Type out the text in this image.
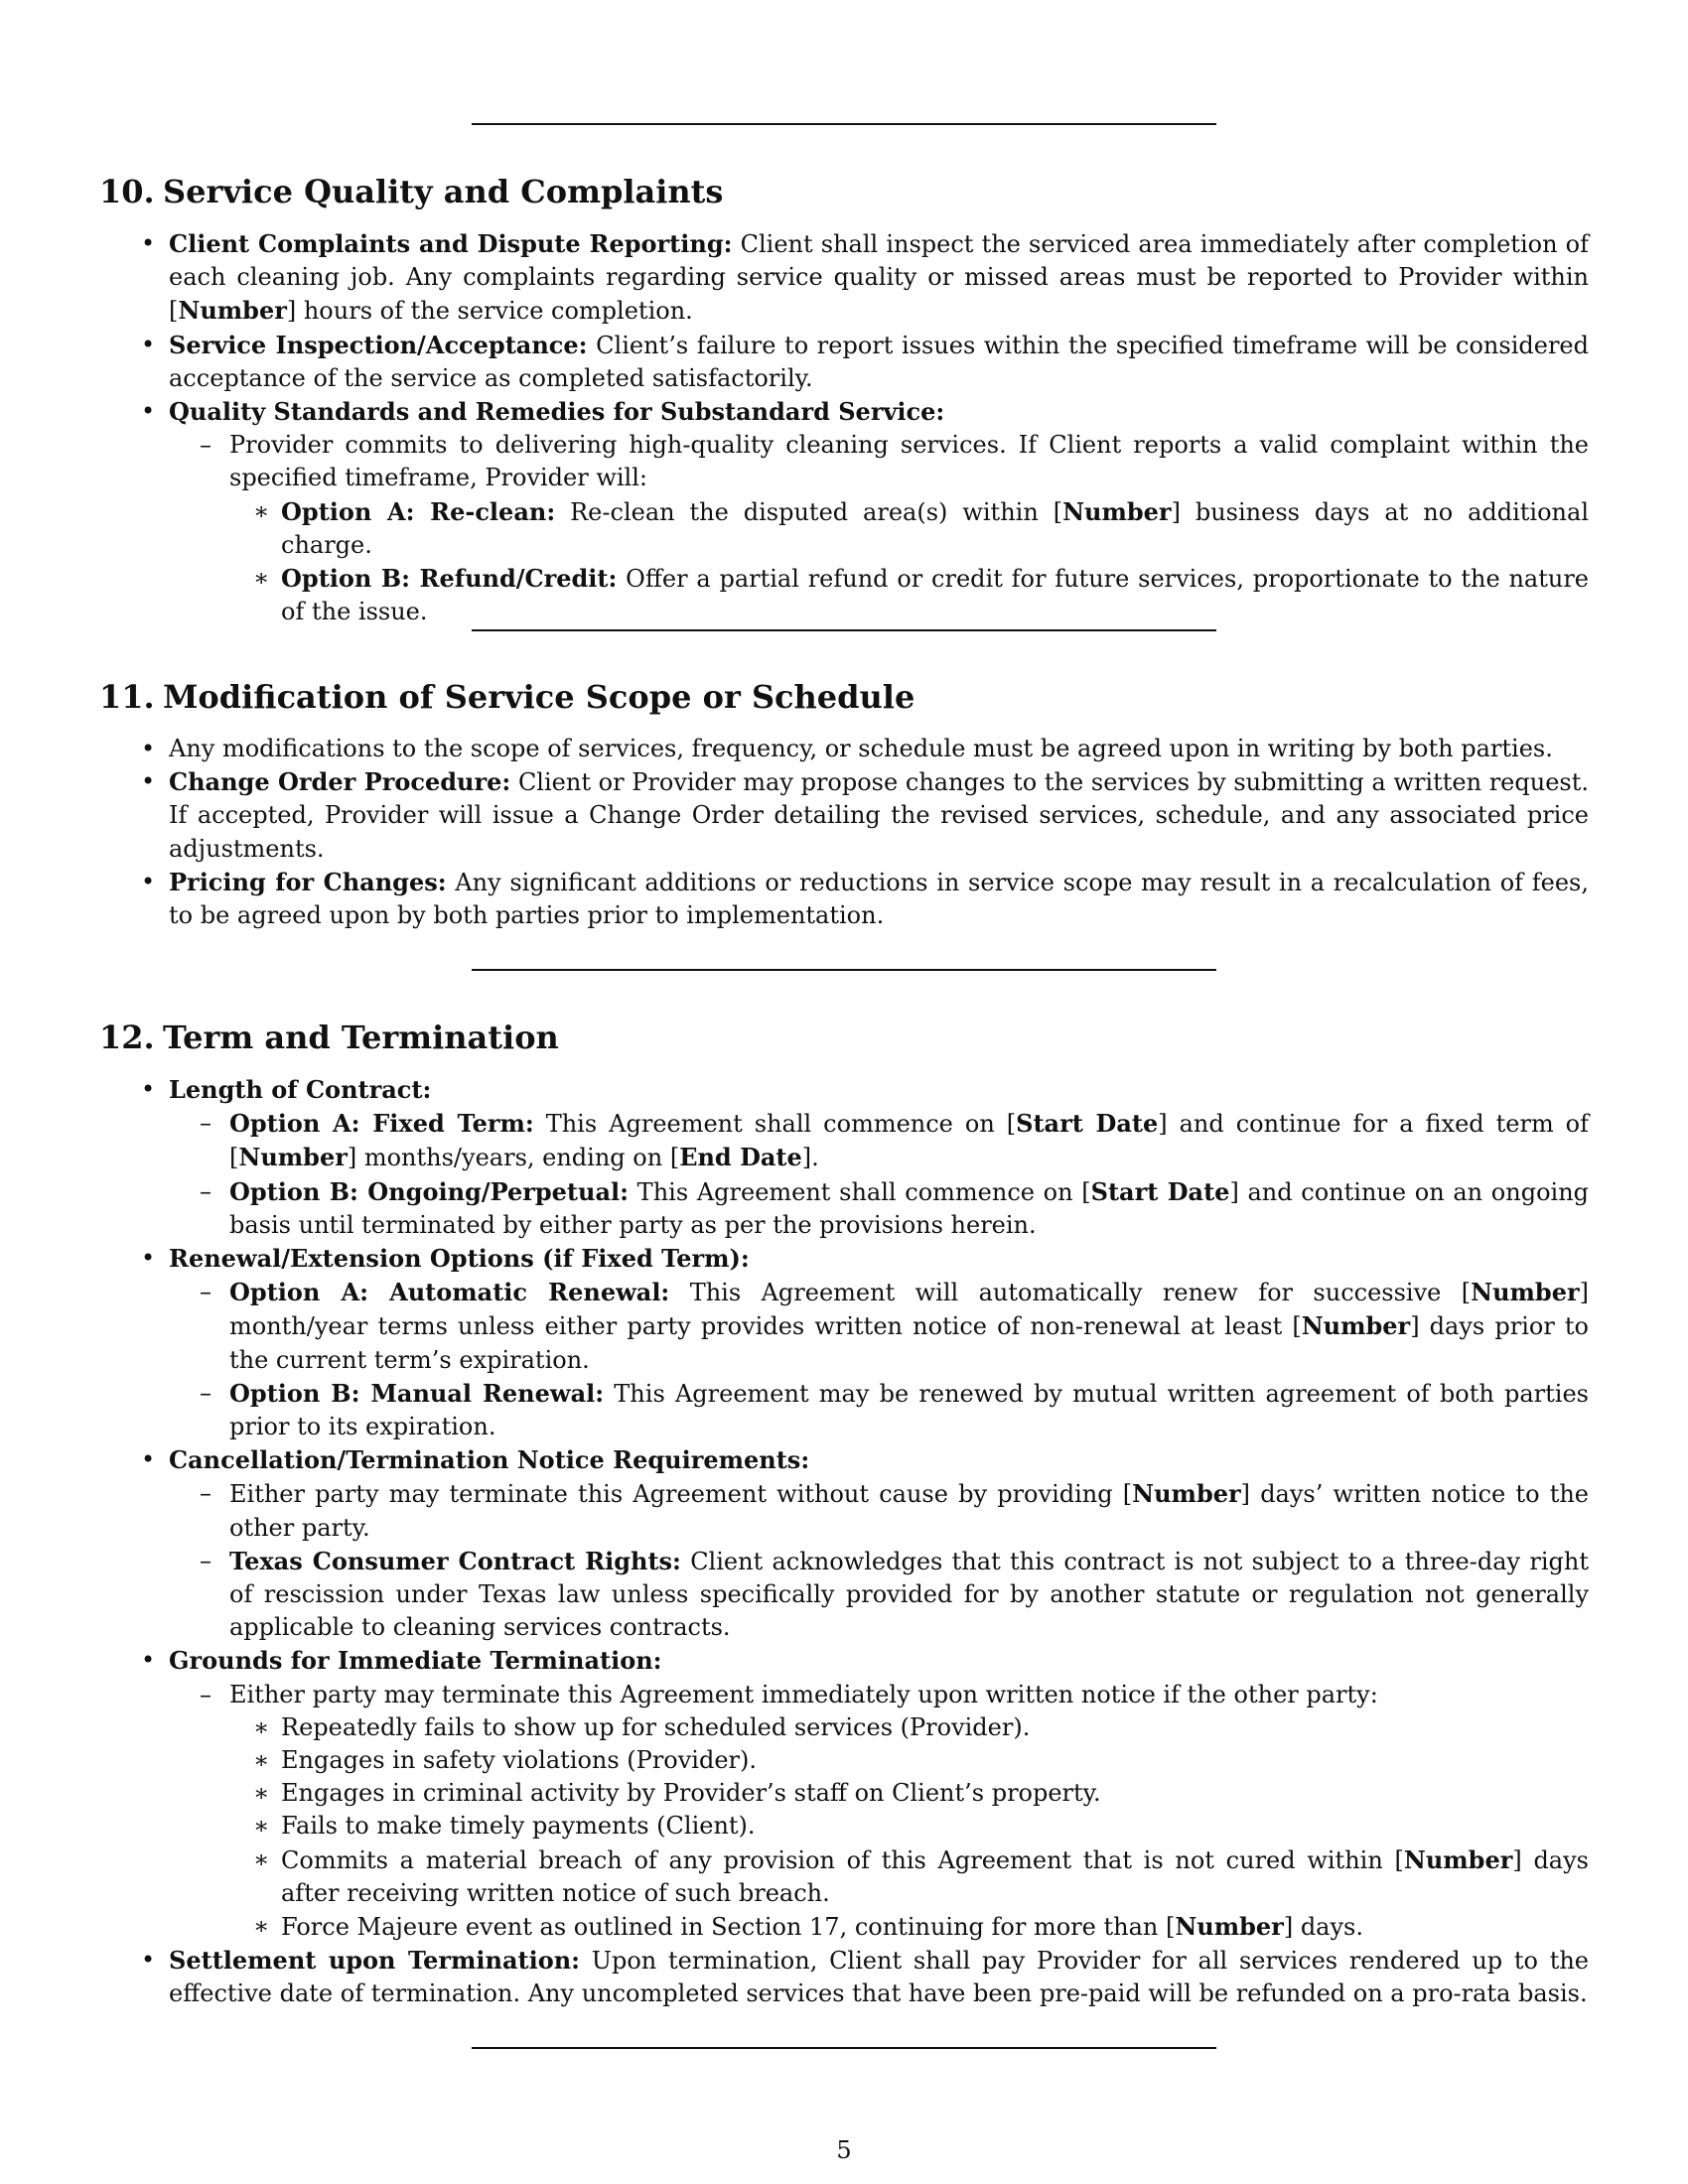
10. Service Quality and Complaints
• Client Complaints and Dispute Reporting: Client shall inspect the serviced area immediately after completion of each cleaning job. Any complaints regarding service quality or missed areas must be reported to Provider within [Number] hours of the service completion.
• Service Inspection/Acceptance: Client’s failure to report issues within the specified timeframe will be considered acceptance of the service as completed satisfactorily.
• Quality Standards and Remedies for Substandard Service:
– Provider commits to delivering high-quality cleaning services. If Client reports a valid complaint within the specified timeframe, Provider will:
∗ Option A: Re-clean: Re-clean the disputed area(s) within [Number] business days at no additional charge.
∗ Option B: Refund/Credit: Offer a partial refund or credit for future services, proportionate to the nature of the issue.
11. Modification of Service Scope or Schedule
• Any modifications to the scope of services, frequency, or schedule must be agreed upon in writing by both parties.
• Change Order Procedure: Client or Provider may propose changes to the services by submitting a written request. If accepted, Provider will issue a Change Order detailing the revised services, schedule, and any associated price adjustments.
• Pricing for Changes: Any significant additions or reductions in service scope may result in a recalculation of fees, to be agreed upon by both parties prior to implementation.
12. Term and Termination
• Length of Contract:
– Option A: Fixed Term: This Agreement shall commence on [Start Date] and continue for a fixed term of [Number] months/years, ending on [End Date].
– Option B: Ongoing/Perpetual: This Agreement shall commence on [Start Date] and continue on an ongoing basis until terminated by either party as per the provisions herein.
• Renewal/Extension Options (if Fixed Term):
– Option A: Automatic Renewal: This Agreement will automatically renew for successive [Number] month/year terms unless either party provides written notice of non-renewal at least [Number] days prior to the current term’s expiration.
– Option B: Manual Renewal: This Agreement may be renewed by mutual written agreement of both parties prior to its expiration.
• Cancellation/Termination Notice Requirements:
– Either party may terminate this Agreement without cause by providing [Number] days’ written notice to the other party.
– Texas Consumer Contract Rights: Client acknowledges that this contract is not subject to a three-day right of rescission under Texas law unless specifically provided for by another statute or regulation not generally applicable to cleaning services contracts.
• Grounds for Immediate Termination:
– Either party may terminate this Agreement immediately upon written notice if the other party:
∗ Repeatedly fails to show up for scheduled services (Provider).
∗ Engages in safety violations (Provider).
∗ Engages in criminal activity by Provider’s staff on Client’s property.
∗ Fails to make timely payments (Client).
∗ Commits a material breach of any provision of this Agreement that is not cured within [Number] days after receiving written notice of such breach.
∗ Force Majeure event as outlined in Section 17, continuing for more than [Number] days.
• Settlement upon Termination: Upon termination, Client shall pay Provider for all services rendered up to the effective date of termination. Any uncompleted services that have been pre-paid will be refunded on a pro-rata basis.
5
